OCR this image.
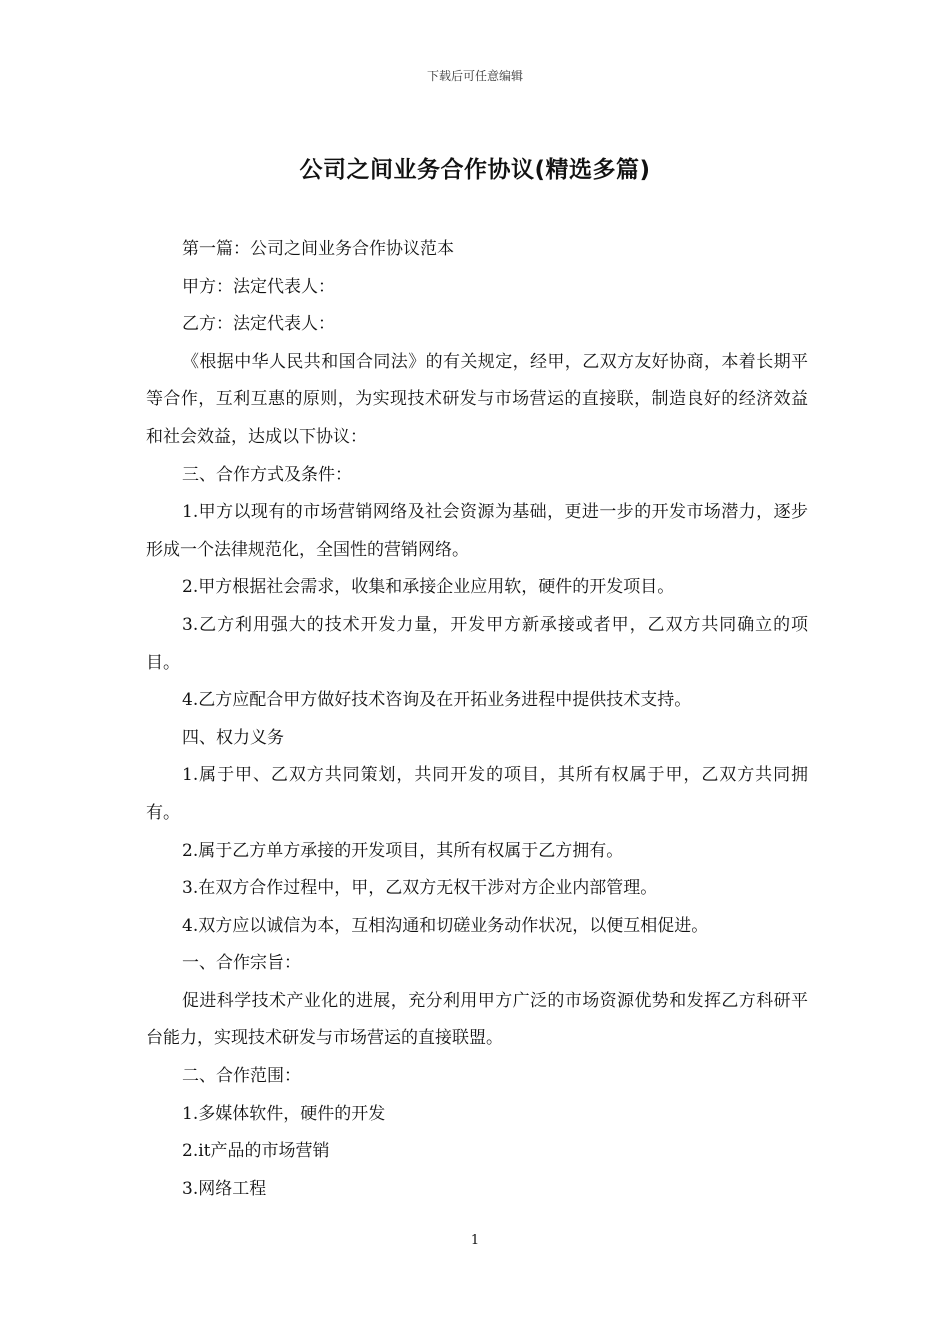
下载后可任意编辑
公司之间业务合作协议(精选多篇)

第一篇：公司之间业务合作协议范本

甲方：法定代表人：

乙方：法定代表人：

《根据中华人民共和国合同法》的有关规定，经甲，乙双方友好协商，本着长期平等合作，互利互惠的原则，为实现技术研发与市场营运的直接联，制造良好的经济效益和社会效益，达成以下协议：

三、合作方式及条件：

1.甲方以现有的市场营销网络及社会资源为基础，更进一步的开发市场潜力，逐步形成一个法律规范化，全国性的营销网络。

2.甲方根据社会需求，收集和承接企业应用软，硬件的开发项目。

3.乙方利用强大的技术开发力量，开发甲方新承接或者甲，乙双方共同确立的项目。

4.乙方应配合甲方做好技术咨询及在开拓业务进程中提供技术支持。

四、权力义务

1.属于甲、乙双方共同策划，共同开发的项目，其所有权属于甲，乙双方共同拥有。

2.属于乙方单方承接的开发项目，其所有权属于乙方拥有。

3.在双方合作过程中，甲，乙双方无权干涉对方企业内部管理。

4.双方应以诚信为本，互相沟通和切磋业务动作状况，以便互相促进。

一、合作宗旨：

促进科学技术产业化的进展，充分利用甲方广泛的市场资源优势和发挥乙方科研平台能力，实现技术研发与市场营运的直接联盟。

二、合作范围：

1.多媒体软件，硬件的开发

2.it产品的市场营销

3.网络工程

1
